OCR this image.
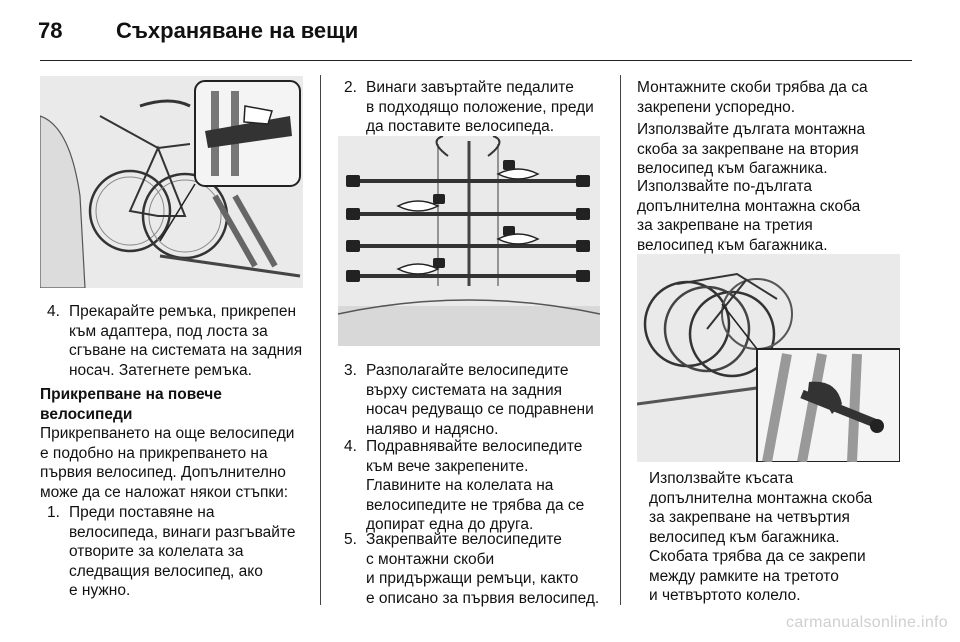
78 Съхраняване на вещи
4. Прекарайте ремъка, прикрепен

към адаптера, под лоста за

сгъване на системата на задния

носач. Затегнете ремъка.

Прикрепване на повече

велосипеди

Прикрепването на още велосипеди

е подобно на прикрепването на

първия велосипед. Допълнително

може да се наложат някои стъпки:

1. Преди поставяне на

велосипеда, винаги разгъвайте

отворите за колелата за

следващия велосипед, ако

е нужно.

2. Винаги завъртайте педалите

в подходящо положение, преди

да поставите велосипеда.

3. Разполагайте велосипедите

върху системата на задния

носач редуващо се подравнени

наляво и надясно.

4. Подравнявайте велосипедите

към вече закрепените.

Главините на колелата на

велосипедите не трябва да се

допират една до друга.

5. Закрепвайте велосипедите

с монтажни скоби

и придържащи ремъци, както

е описано за първия велосипед.

Монтажните скоби трябва да са

закрепени успоредно.

Използвайте дългата монтажна

скоба за закрепване на втория

велосипед към багажника.

Използвайте по-дългата

допълнителна монтажна скоба

за закрепване на третия

велосипед към багажника.

Използвайте късата

допълнителна монтажна скоба

за закрепване на четвъртия

велосипед към багажника.

Скобата трябва да се закрепи

между рамките на третото

и четвъртото колело.

carmanualsonline.info
